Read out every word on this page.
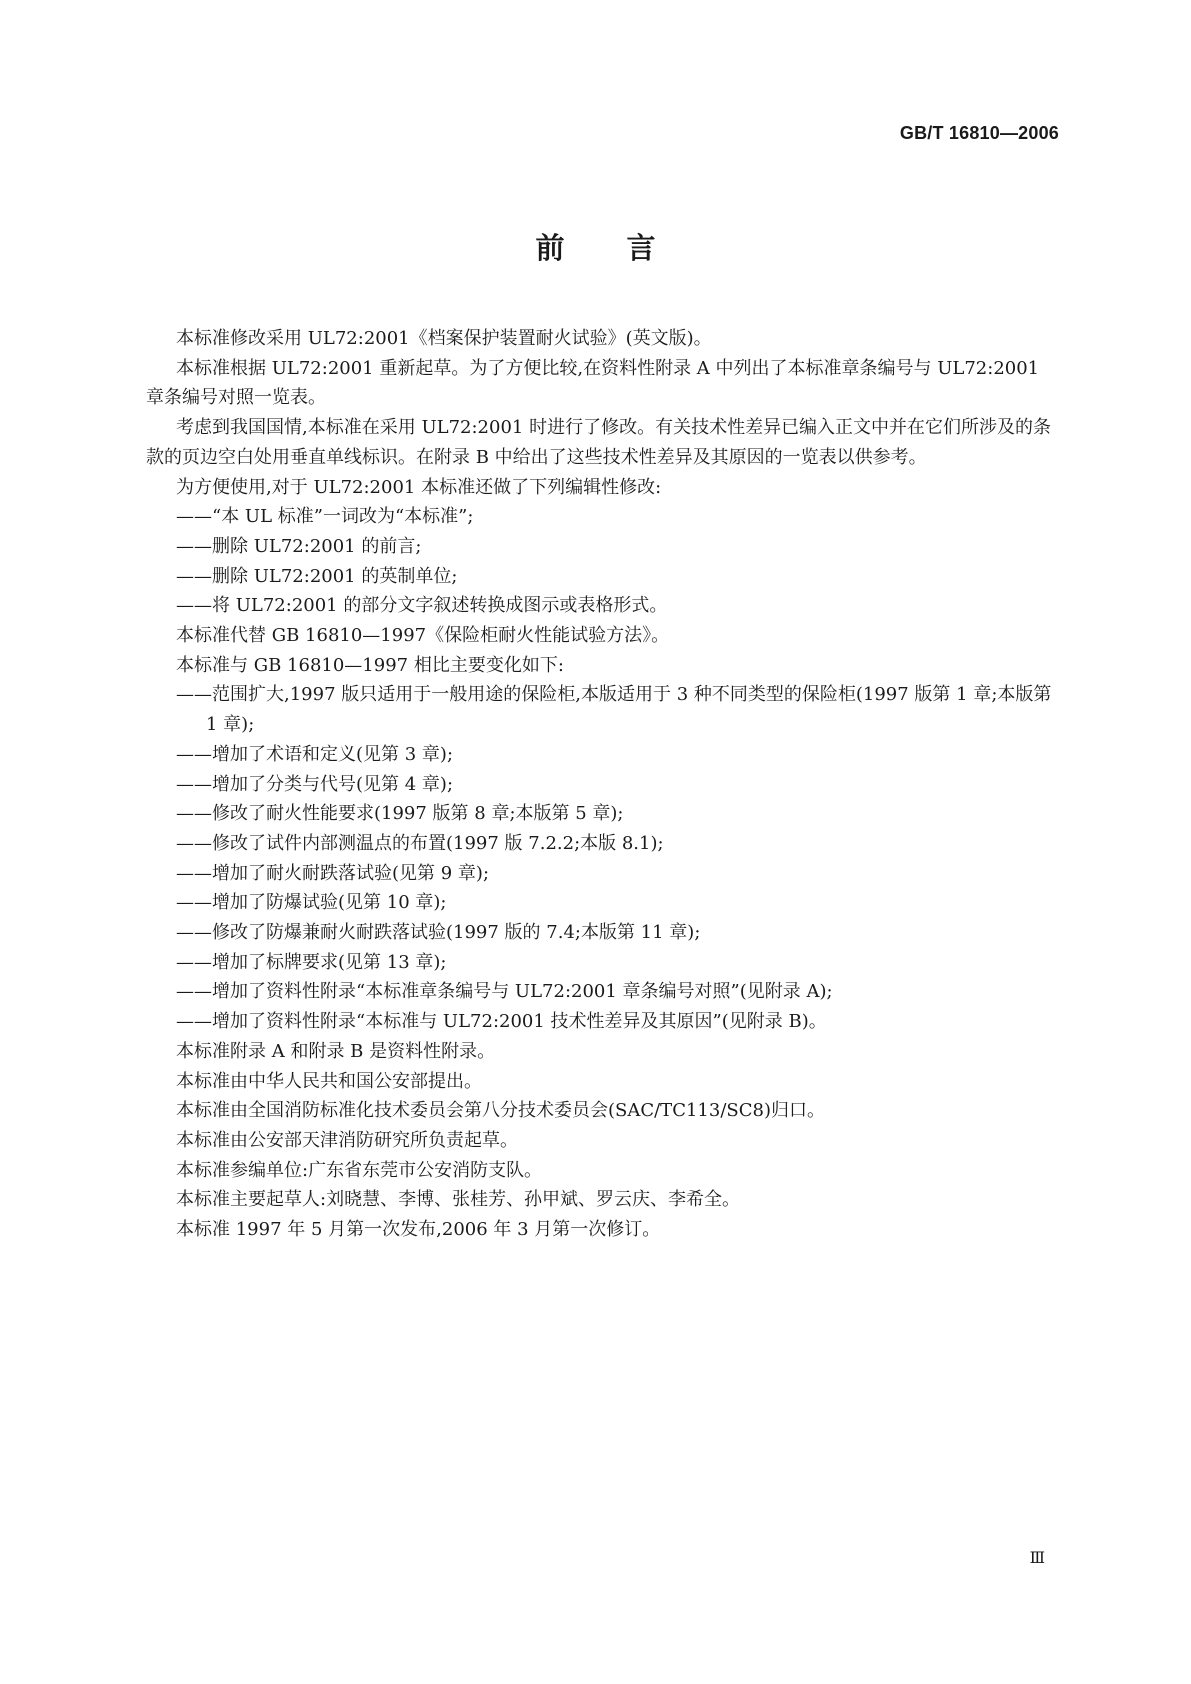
GB/T 16810—2006
前言

本标准修改采用 UL72:2001《档案保护装置耐火试验》(英文版)。

本标准根据 UL72:2001 重新起草。为了方便比较,在资料性附录 A 中列出了本标准章条编号与 UL72:2001 章条编号对照一览表。

考虑到我国国情,本标准在采用 UL72:2001 时进行了修改。有关技术性差异已编入正文中并在它们所涉及的条款的页边空白处用垂直单线标识。在附录 B 中给出了这些技术性差异及其原因的一览表以供参考。

为方便使用,对于 UL72:2001 本标准还做了下列编辑性修改:

——“本 UL 标准”一词改为“本标准”;

——删除 UL72:2001 的前言;

——删除 UL72:2001 的英制单位;

——将 UL72:2001 的部分文字叙述转换成图示或表格形式。

本标准代替 GB 16810—1997《保险柜耐火性能试验方法》。

本标准与 GB 16810—1997 相比主要变化如下:

——范围扩大,1997 版只适用于一般用途的保险柜,本版适用于 3 种不同类型的保险柜(1997 版第 1 章;本版第 1 章);

——增加了术语和定义(见第 3 章);

——增加了分类与代号(见第 4 章);

——修改了耐火性能要求(1997 版第 8 章;本版第 5 章);

——修改了试件内部测温点的布置(1997 版 7.2.2;本版 8.1);

——增加了耐火耐跌落试验(见第 9 章);

——增加了防爆试验(见第 10 章);

——修改了防爆兼耐火耐跌落试验(1997 版的 7.4;本版第 11 章);

——增加了标牌要求(见第 13 章);

——增加了资料性附录“本标准章条编号与 UL72:2001 章条编号对照”(见附录 A);

——增加了资料性附录“本标准与 UL72:2001 技术性差异及其原因”(见附录 B)。

本标准附录 A 和附录 B 是资料性附录。

本标准由中华人民共和国公安部提出。

本标准由全国消防标准化技术委员会第八分技术委员会(SAC/TC113/SC8)归口。

本标准由公安部天津消防研究所负责起草。

本标准参编单位:广东省东莞市公安消防支队。

本标准主要起草人:刘晓慧、李博、张桂芳、孙甲斌、罗云庆、李希全。

本标准 1997 年 5 月第一次发布,2006 年 3 月第一次修订。

Ⅲ
